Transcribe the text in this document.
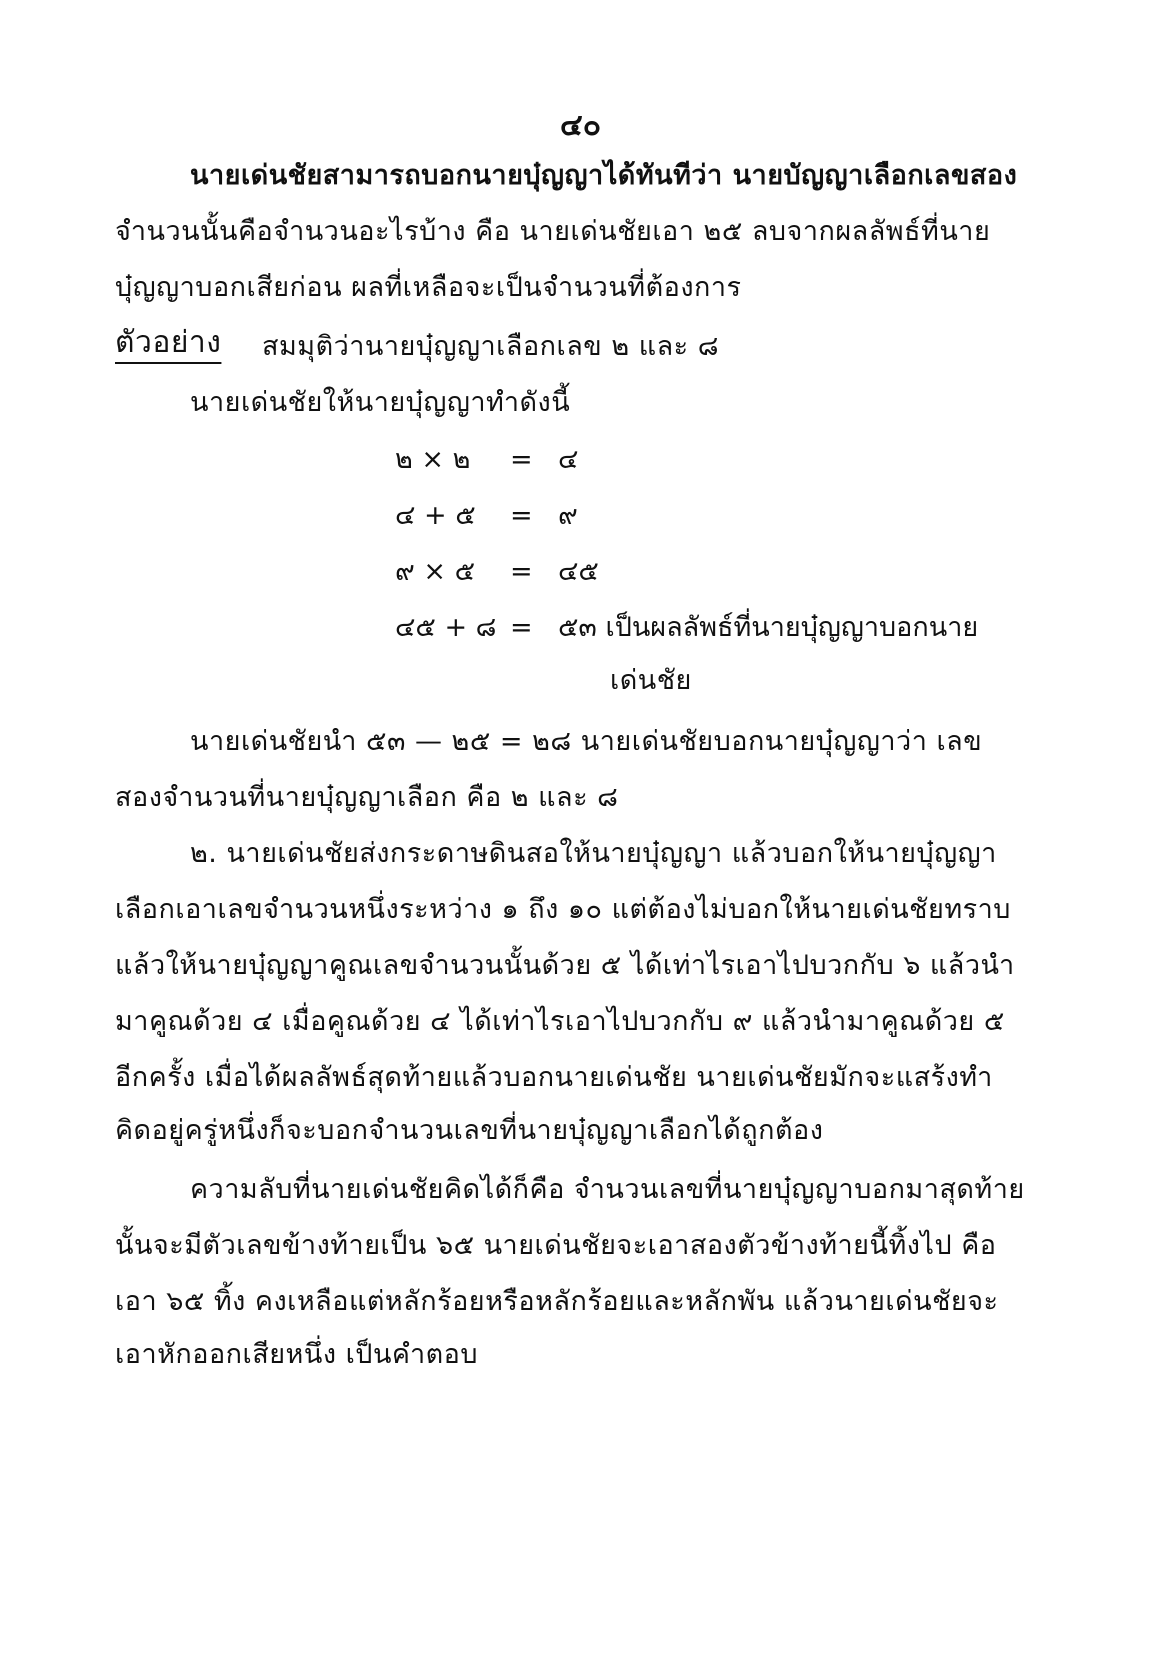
๔๐
นายเด่นชัยสามารถบอกนายบุ๋ญญาได้ทันทีว่า นายบัญญาเลือกเลขสอง
จำนวนนั้นคือจำนวนอะไรบ้าง คือ นายเด่นชัยเอา ๒๕ ลบจากผลลัพธ์ที่นาย
บุ๋ญญาบอกเสียก่อน ผลที่เหลือจะเป็นจำนวนที่ต้องการ
ตัวอย่าง สมมุติว่านายบุ๋ญญาเลือกเลข ๒ และ ๘
นายเด่นชัยให้นายบุ๋ญญาทำดังนี้
๒ × ๒ = ๔
๔ + ๕ = ๙
๙ × ๕ = ๔๕
๔๕ + ๘ = ๕๓ เป็นผลลัพธ์ที่นายบุ๋ญญาบอกนาย
เด่นชัย
นายเด่นชัยนำ ๕๓ — ๒๕ = ๒๘ นายเด่นชัยบอกนายบุ๋ญญาว่า เลข
สองจำนวนที่นายบุ๋ญญาเลือก คือ ๒ และ ๘
๒. นายเด่นชัยส่งกระดาษดินสอให้นายบุ๋ญญา แล้วบอกให้นายบุ๋ญญา
เลือกเอาเลขจำนวนหนึ่งระหว่าง ๑ ถึง ๑๐ แต่ต้องไม่บอกให้นายเด่นชัยทราบ
แล้วให้นายบุ๋ญญาคูณเลขจำนวนนั้นด้วย ๕ ได้เท่าไรเอาไปบวกกับ ๖ แล้วนำ
มาคูณด้วย ๔ เมื่อคูณด้วย ๔ ได้เท่าไรเอาไปบวกกับ ๙ แล้วนำมาคูณด้วย ๕
อีกครั้ง เมื่อได้ผลลัพธ์สุดท้ายแล้วบอกนายเด่นชัย นายเด่นชัยมักจะแสร้งทำ
คิดอยู่ครู่หนึ่งก็จะบอกจำนวนเลขที่นายบุ๋ญญาเลือกได้ถูกต้อง
ความลับที่นายเด่นชัยคิดได้ก็คือ จำนวนเลขที่นายบุ๋ญญาบอกมาสุดท้าย
นั้นจะมีตัวเลขข้างท้ายเป็น ๖๕ นายเด่นชัยจะเอาสองตัวข้างท้ายนี้ทิ้งไป คือ
เอา ๖๕ ทิ้ง คงเหลือแต่หลักร้อยหรือหลักร้อยและหลักพัน แล้วนายเด่นชัยจะ
เอาหักออกเสียหนึ่ง เป็นคำตอบ
